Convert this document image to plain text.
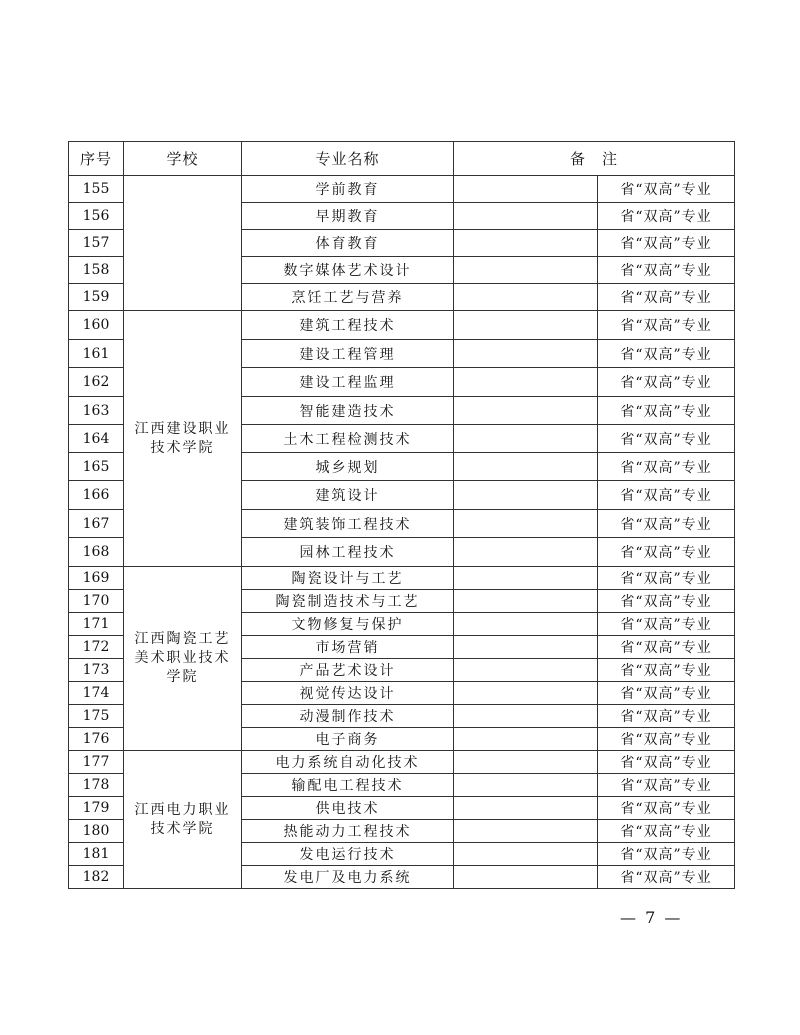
序号	学校	专业名称	备　注	
155		学前教育		省“双高”专业
156		早期教育		省“双高”专业
157		体育教育		省“双高”专业
158		数字媒体艺术设计		省“双高”专业
159		烹饪工艺与营养		省“双高”专业
160	江西建设职业技术学院	建筑工程技术		省“双高”专业
161		建设工程管理		省“双高”专业
162		建设工程监理		省“双高”专业
163		智能建造技术		省“双高”专业
164		土木工程检测技术		省“双高”专业
165		城乡规划		省“双高”专业
166		建筑设计		省“双高”专业
167		建筑装饰工程技术		省“双高”专业
168		园林工程技术		省“双高”专业
169	江西陶瓷工艺美术职业技术学院	陶瓷设计与工艺		省“双高”专业
170		陶瓷制造技术与工艺		省“双高”专业
171		文物修复与保护		省“双高”专业
172		市场营销		省“双高”专业
173		产品艺术设计		省“双高”专业
174		视觉传达设计		省“双高”专业
175		动漫制作技术		省“双高”专业
176		电子商务		省“双高”专业
177	江西电力职业技术学院	电力系统自动化技术		省“双高”专业
178		输配电工程技术		省“双高”专业
179		供电技术		省“双高”专业
180		热能动力工程技术		省“双高”专业
181		发电运行技术		省“双高”专业
182		发电厂及电力系统		省“双高”专业
— 7 —
